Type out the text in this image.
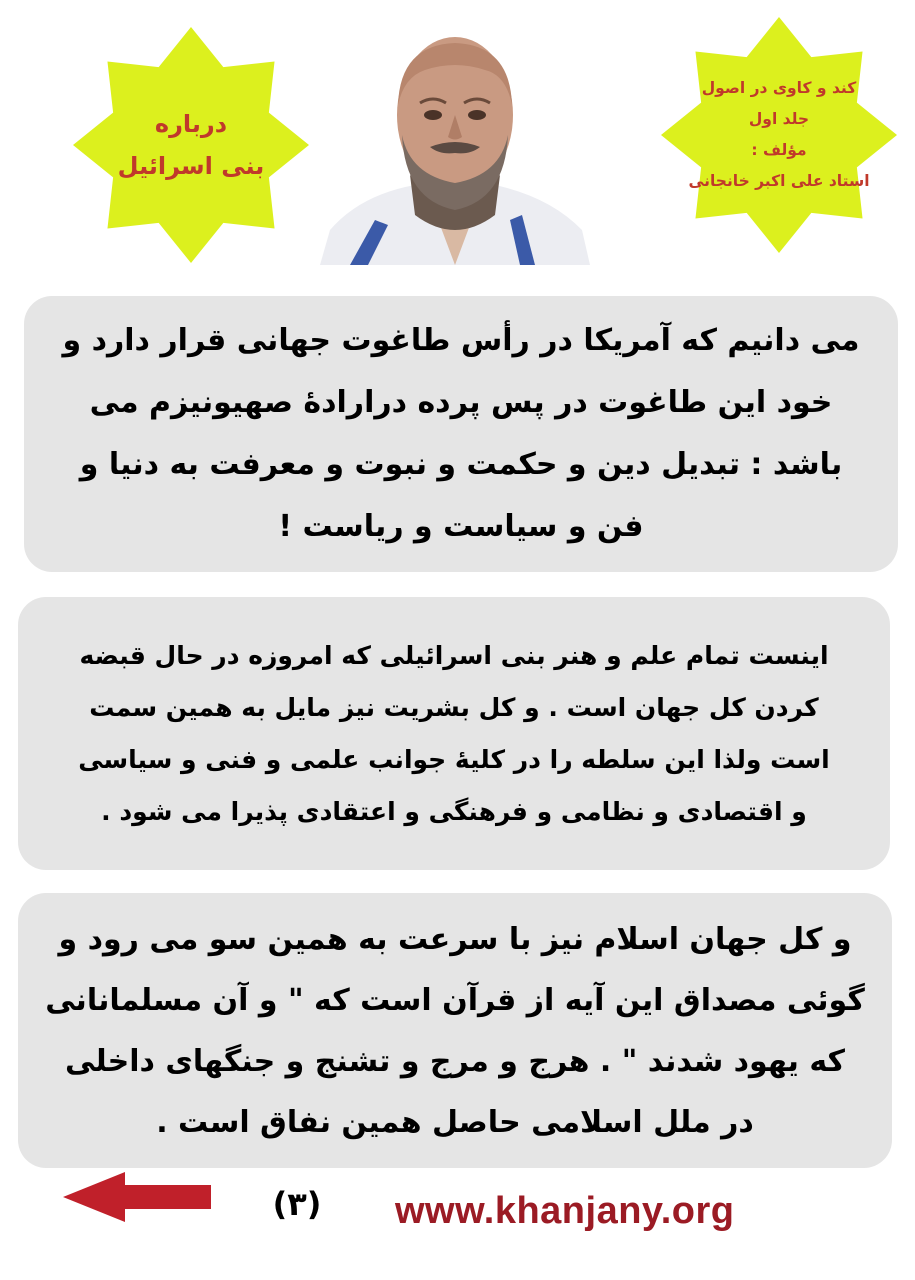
درباره
بنی اسرائیل
کند و کاوی در اصول
جلد اول
مؤلف :
استاد علی اکبر خانجانی

می دانیم که آمریکا در رأس طاغوت جهانی قرار دارد و

خود این طاغوت در پس پرده درارادۀ صهیونیزم می

باشد : تبدیل دین و حکمت و نبوت و معرفت به دنیا و

فن و سیاست و ریاست !

اینست تمام علم و هنر بنی اسرائیلی که امروزه در حال قبضه

کردن کل جهان است . و کل بشریت نیز مایل به همین سمت

است ولذا این سلطه را در کلیۀ جوانب علمی و فنی و سیاسی

و اقتصادی و نظامی و فرهنگی و اعتقادی پذیرا می شود .

و کل جهان اسلام نیز با سرعت به همین سو می رود و

گوئی مصداق این آیه از قرآن است که " و آن مسلمانانی

که یهود شدند " . هرج و مرج و تشنج و جنگهای داخلی

در ملل اسلامی حاصل همین نفاق است .

(۳) www.khanjany.org
